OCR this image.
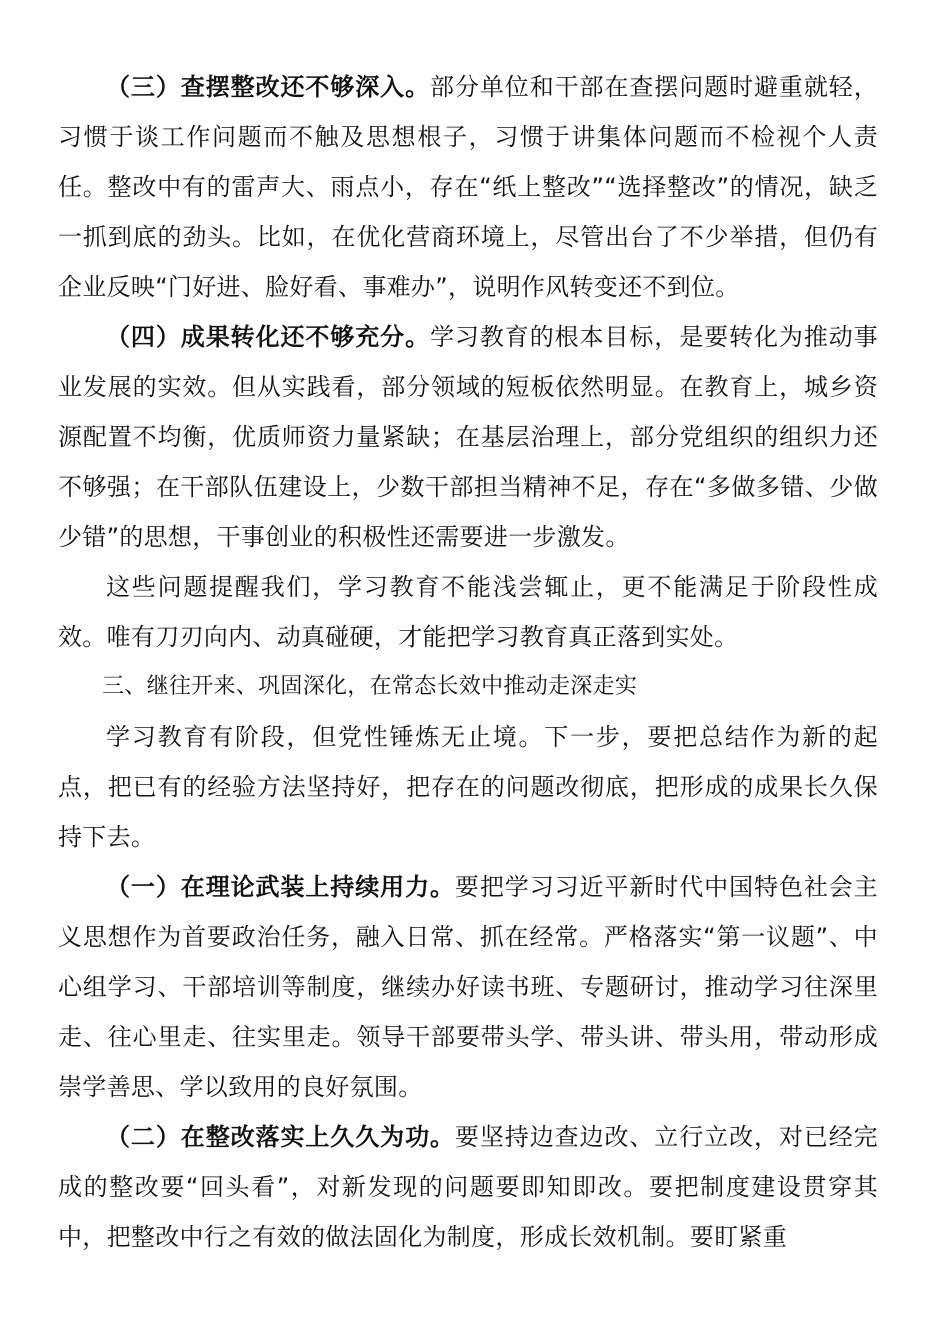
（三）查摆整改还不够深入。部分单位和干部在查摆问题时避重就轻，习惯于谈工作问题而不触及思想根子，习惯于讲集体问题而不检视个人责任。整改中有的雷声大、雨点小，存在“纸上整改”“选择整改”的情况，缺乏一抓到底的劲头。比如，在优化营商环境上，尽管出台了不少举措，但仍有企业反映“门好进、脸好看、事难办”，说明作风转变还不到位。

（四）成果转化还不够充分。学习教育的根本目标，是要转化为推动事业发展的实效。但从实践看，部分领域的短板依然明显。在教育上，城乡资源配置不均衡，优质师资力量紧缺；在基层治理上，部分党组织的组织力还不够强；在干部队伍建设上，少数干部担当精神不足，存在“多做多错、少做少错”的思想，干事创业的积极性还需要进一步激发。

这些问题提醒我们，学习教育不能浅尝辄止，更不能满足于阶段性成效。唯有刀刃向内、动真碰硬，才能把学习教育真正落到实处。

三、继往开来、巩固深化，在常态长效中推动走深走实

学习教育有阶段，但党性锤炼无止境。下一步，要把总结作为新的起点，把已有的经验方法坚持好，把存在的问题改彻底，把形成的成果长久保持下去。

（一）在理论武装上持续用力。要把学习习近平新时代中国特色社会主义思想作为首要政治任务，融入日常、抓在经常。严格落实“第一议题”、中心组学习、干部培训等制度，继续办好读书班、专题研讨，推动学习往深里走、往心里走、往实里走。领导干部要带头学、带头讲、带头用，带动形成崇学善思、学以致用的良好氛围。

（二）在整改落实上久久为功。要坚持边查边改、立行立改，对已经完成的整改要“回头看”，对新发现的问题要即知即改。要把制度建设贯穿其中，把整改中行之有效的做法固化为制度，形成长效机制。要盯紧重
